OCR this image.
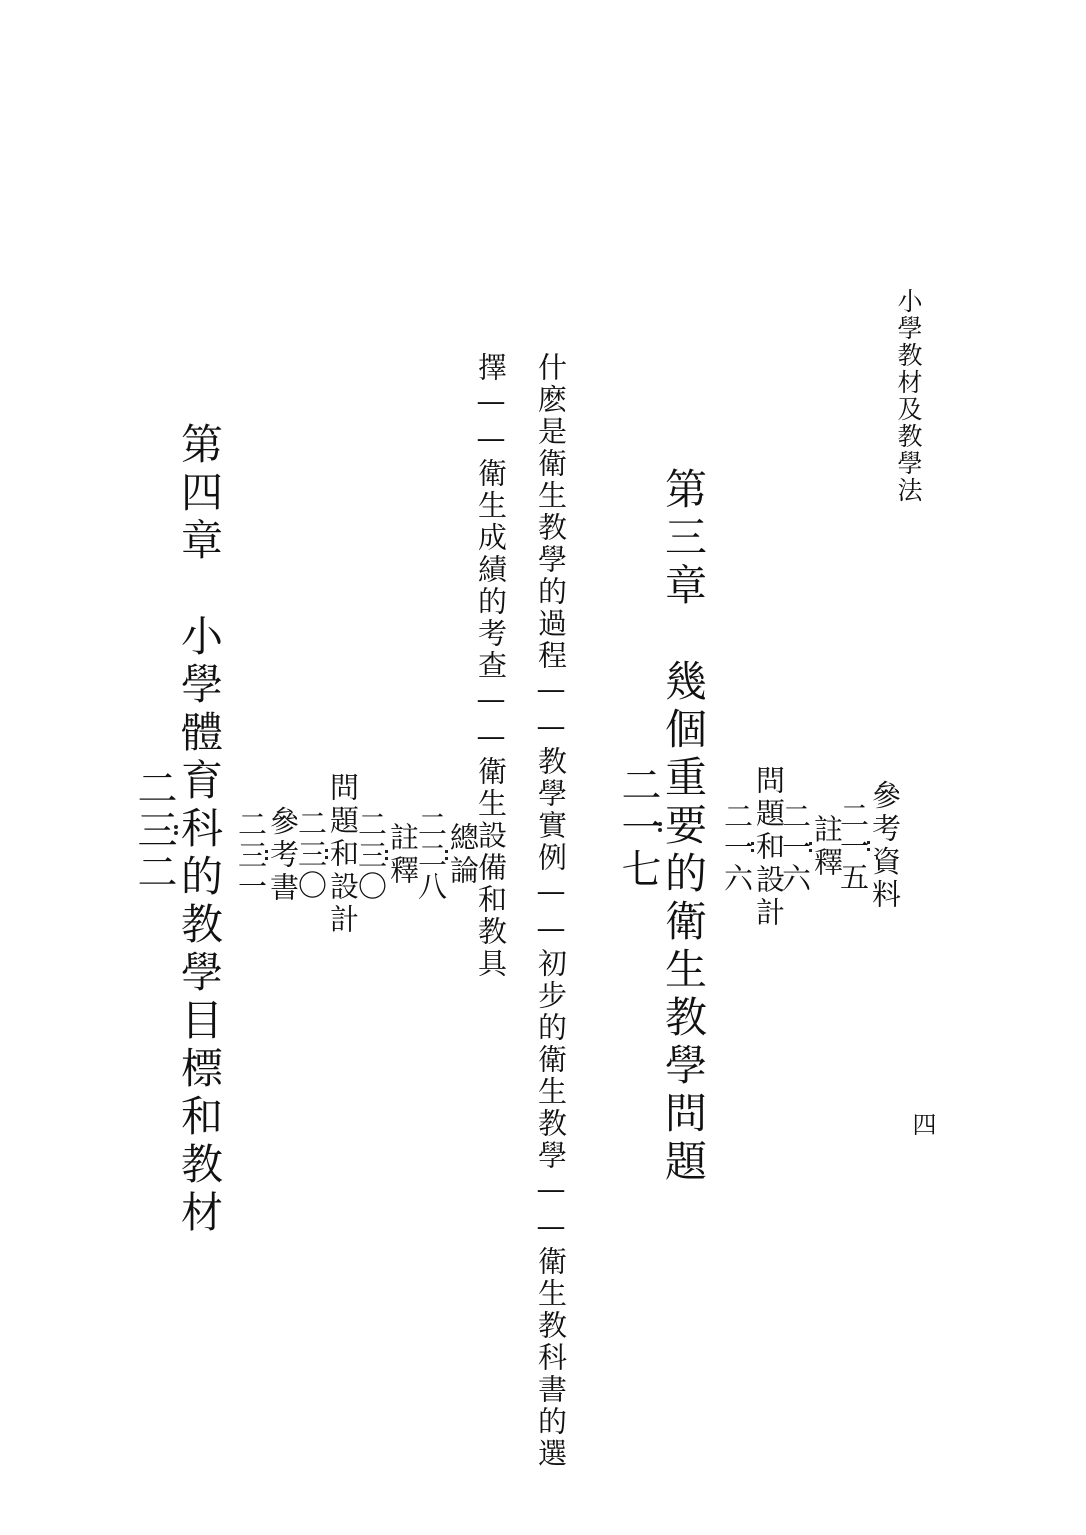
小學教材及教學法
四
參考資料
二一五
註釋
二一六
問題和設計
二一六
第三章　幾個重要的衛生教學問題
二一七
什麽是衛生教學的過程——教學實例——初步的衛生教學——衛生教科書的選
擇——衛生成績的考查——衛生設備和教具
總論
二二八
註釋
二三〇
問題和設計
二三〇
參考書
二三一
第四章　小學體育科的教學目標和教材
二三二
